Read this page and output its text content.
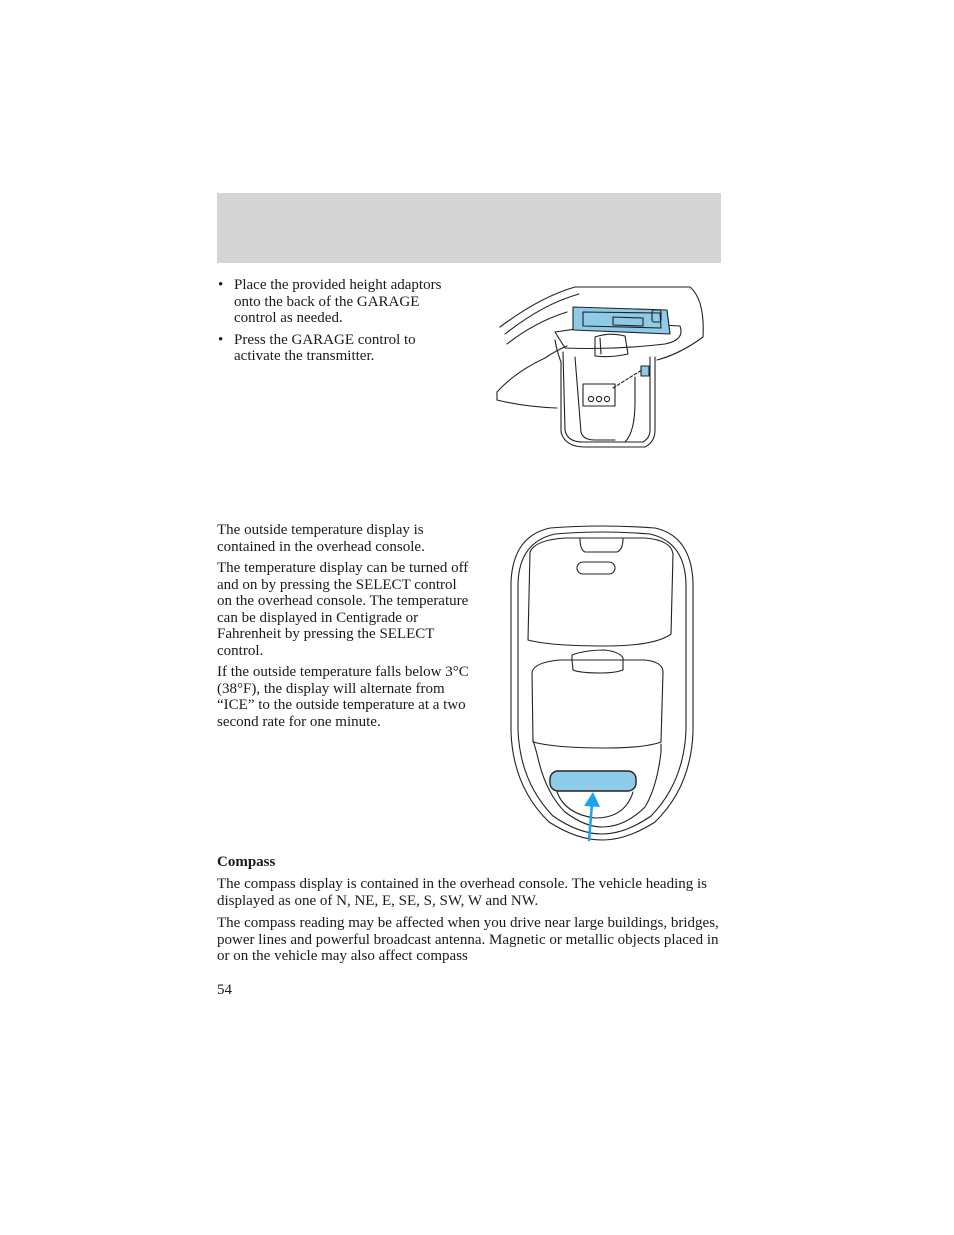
• Place the provided height adaptors onto the back of the GARAGE control as needed.
• Press the GARAGE control to activate the transmitter.

The outside temperature display is contained in the overhead console.

The temperature display can be turned off and on by pressing the SELECT control on the overhead console. The temperature can be displayed in Centigrade or Fahrenheit by pressing the SELECT control.

If the outside temperature falls below 3°C (38°F), the display will alternate from “ICE” to the outside temperature at a two second rate for one minute.

Compass

The compass display is contained in the overhead console. The vehicle heading is displayed as one of N, NE, E, SE, S, SW, W and NW.

The compass reading may be affected when you drive near large buildings, bridges, power lines and powerful broadcast antenna. Magnetic or metallic objects placed in or on the vehicle may also affect compass

54
